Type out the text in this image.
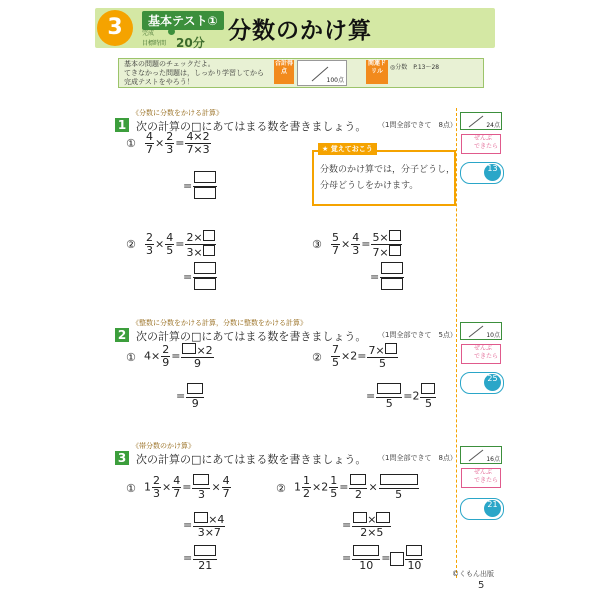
3	基本テスト①
完成
目標時間 20分 分数のかけ算
基本の問題のチェックだよ。
てきなかった問題は，しっかり学習してから
完成テストをやろう！
合計得点
100点
関連ドリル
◎分数　P.13～28
《分数に分数をかける計算》
1 次の計算の□にあてはまる数を書きましょう。 （1問全部できて　8点）	24点
ぜんぶ
できたら
13
① $\frac{4}{7} \times \frac{2}{3} = \frac{4\times 2}{7\times 3}$
=
★ 覚えておこう
分数のかけ算では，分子どうし，
分母どうしをかけます。
② $\frac{2}{3} \times \frac{4}{5} = \frac{2\times}{3\times}$
=
③ $\frac{5}{7} \times \frac{4}{3} = \frac{5\times}{7\times}$
=
《整数に分数をかける計算，分数に整数をかける計算》
2 次の計算の□にあてはまる数を書きましょう。 （1問全部できて　5点）	10点
ぜんぶ
できたら
25
① $4\times \frac{2}{9} = \frac{\times 2}{9}$
=
9
② $\frac{7}{5} \times 2= \frac{7\times}{5}$
=
5
=2
5
《帯分数のかけ算》
3 次の計算の□にあてはまる数を書きましょう。 （1問全部できて　8点）	16点
ぜんぶ
できたら
21
① $1 \frac{2}{3} \times \frac{4}{7}$ =
3
× $\frac{4}{7}$
= $\frac{\times 4}{3\times 7}$
=
21
② $1 \frac{1}{2} \times 2 \frac{1}{5}$ =
2
×
5
= $\frac{\times}{2\times 5}$
=
10
=
10
©くもん出版
5
